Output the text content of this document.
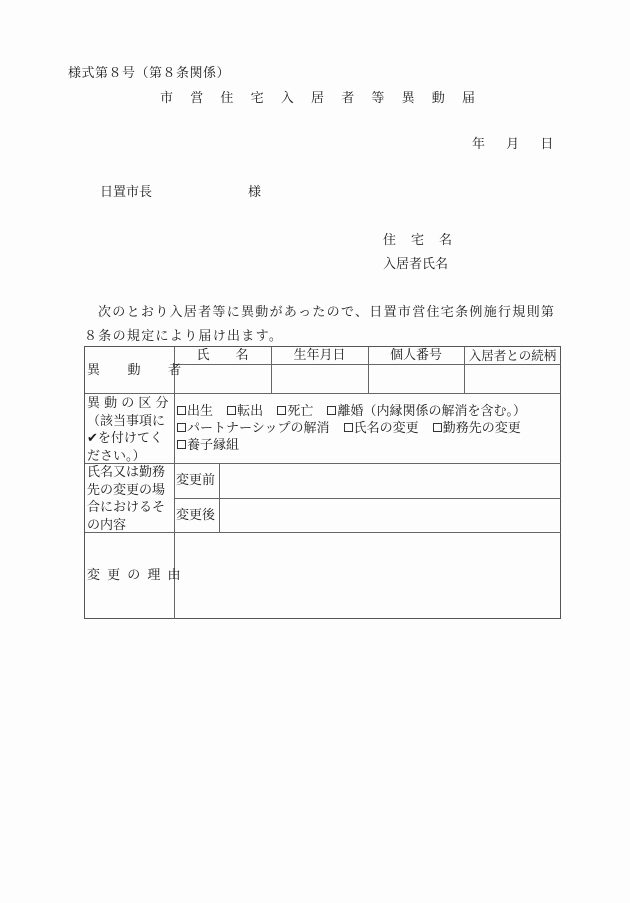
様式第８号（第８条関係）
市営住宅入居者等異動届
年 月 日
日置市長	様
住　宅　名
入居者氏名
次のとおり入居者等に異動があったので、日置市営住宅条例施行規則第８条の規定により届け出ます。
異　　動　　者
氏　　名	生年月日	個人番号	入居者との続柄
異 動 の 区 分
（該当事項に
✔を付けてく
ださい。）
出生 転出 死亡 離婚（内縁関係の解消を含む。）
パートナーシップの解消 氏名の変更 勤務先の変更
養子縁組
氏名又は勤務
先の変更の場
合におけるそ
の内容
変更前
変更後
変 更 の 理 由
